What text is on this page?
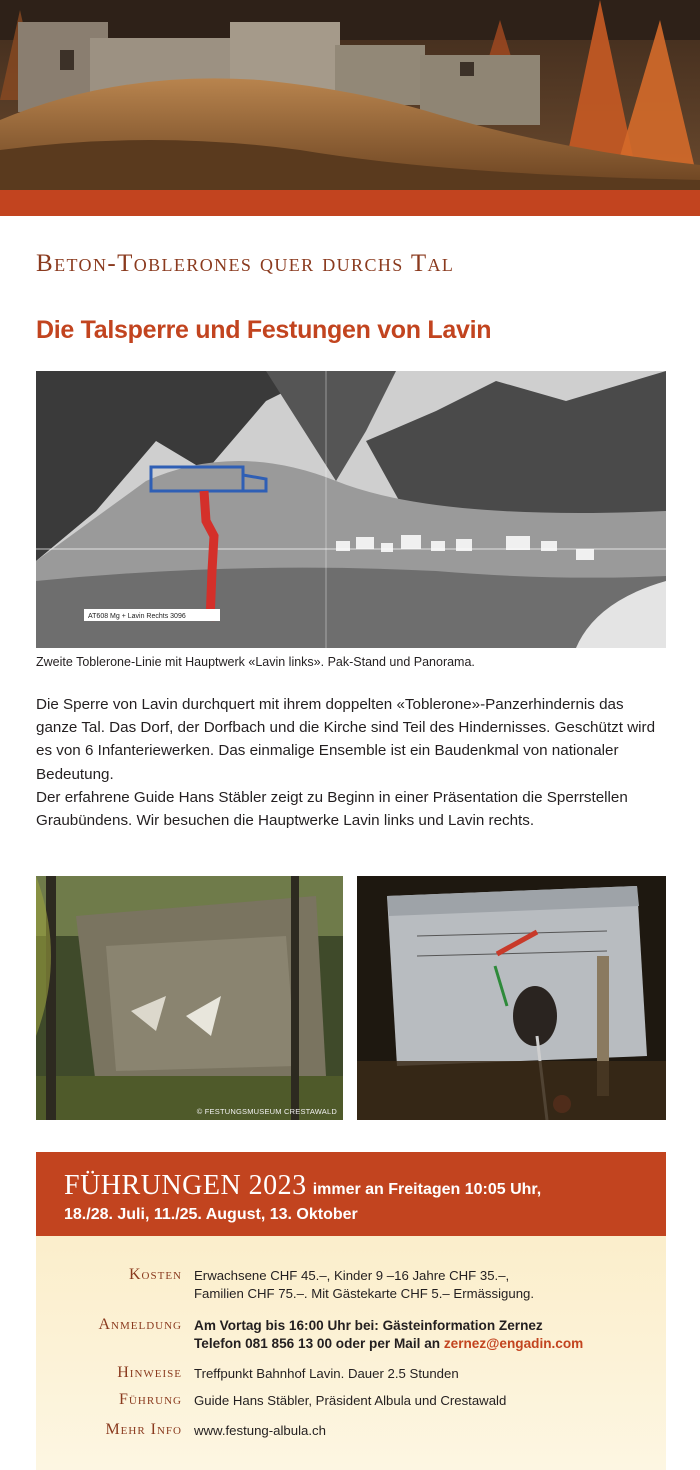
Beton-Toblerones quer durchs Tal
Die Talsperre und Festungen von Lavin
AT608 Mg + Lavin Rechts 3096
Zweite Toblerone-Linie mit Hauptwerk «Lavin links». Pak-Stand und Panorama.

Die Sperre von Lavin durchquert mit ihrem doppelten «Toblerone»-Panzerhindernis das ganze Tal. Das Dorf, der Dorfbach und die Kirche sind Teil des Hindernisses. Geschützt wird es von 6 Infanteriewerken. Das einmalige Ensemble ist ein Baudenkmal von nationaler Bedeutung.

Der erfahrene Guide Hans Stäbler zeigt zu Beginn in einer Präsentation die Sperrstellen Graubündens. Wir besuchen die Hauptwerke Lavin links und Lavin rechts.

© FESTUNGSMUSEUM CRESTAWALD
FÜHRUNGEN 2023 immer an Freitagen 10:05 Uhr,
18./28. Juli, 11./25. August, 13. Oktober
Kosten Erwachsene CHF 45.–, Kinder 9 –16 Jahre CHF 35.–,
Familien CHF 75.–. Mit Gästekarte CHF 5.– Ermässigung.
Anmeldung Am Vortag bis 16:00 Uhr bei: Gästeinformation Zernez
Telefon 081 856 13 00 oder per Mail an zernez@engadin.com
Hinweise Treffpunkt Bahnhof Lavin. Dauer 2.5 Stunden
Führung Guide Hans Stäbler, Präsident Albula und Crestawald
Mehr Info www.festung-albula.ch
